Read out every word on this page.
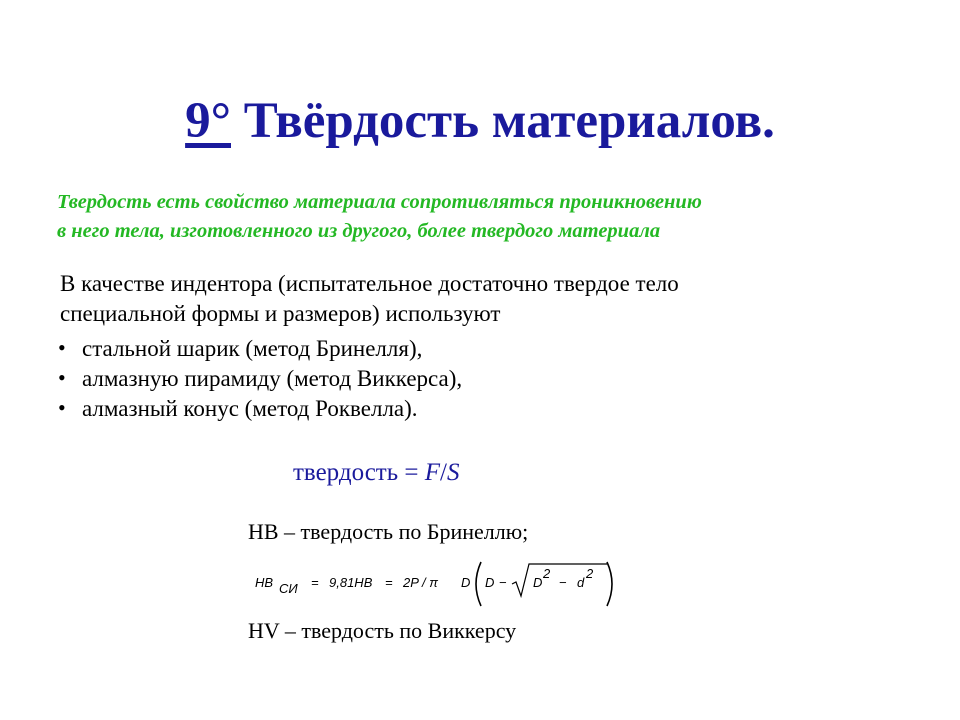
9° Твёрдость материалов.
Твердость есть свойство материала сопротивляться проникновению
в него тела, изготовленного из другого, более твердого материала
В качестве индентора (испытательное достаточно твердое тело
специальной формы и размеров) используют
• стальной шарик (метод Бринелля),
• алмазную пирамиду (метод Виккерса),
• алмазный конус (метод Роквелла).
твердость = F/S
HB – твердость по Бринеллю;
HB СИ = 9,81HB = 2P / π D D − D
2
− d
2
HV – твердость по Виккерсу
